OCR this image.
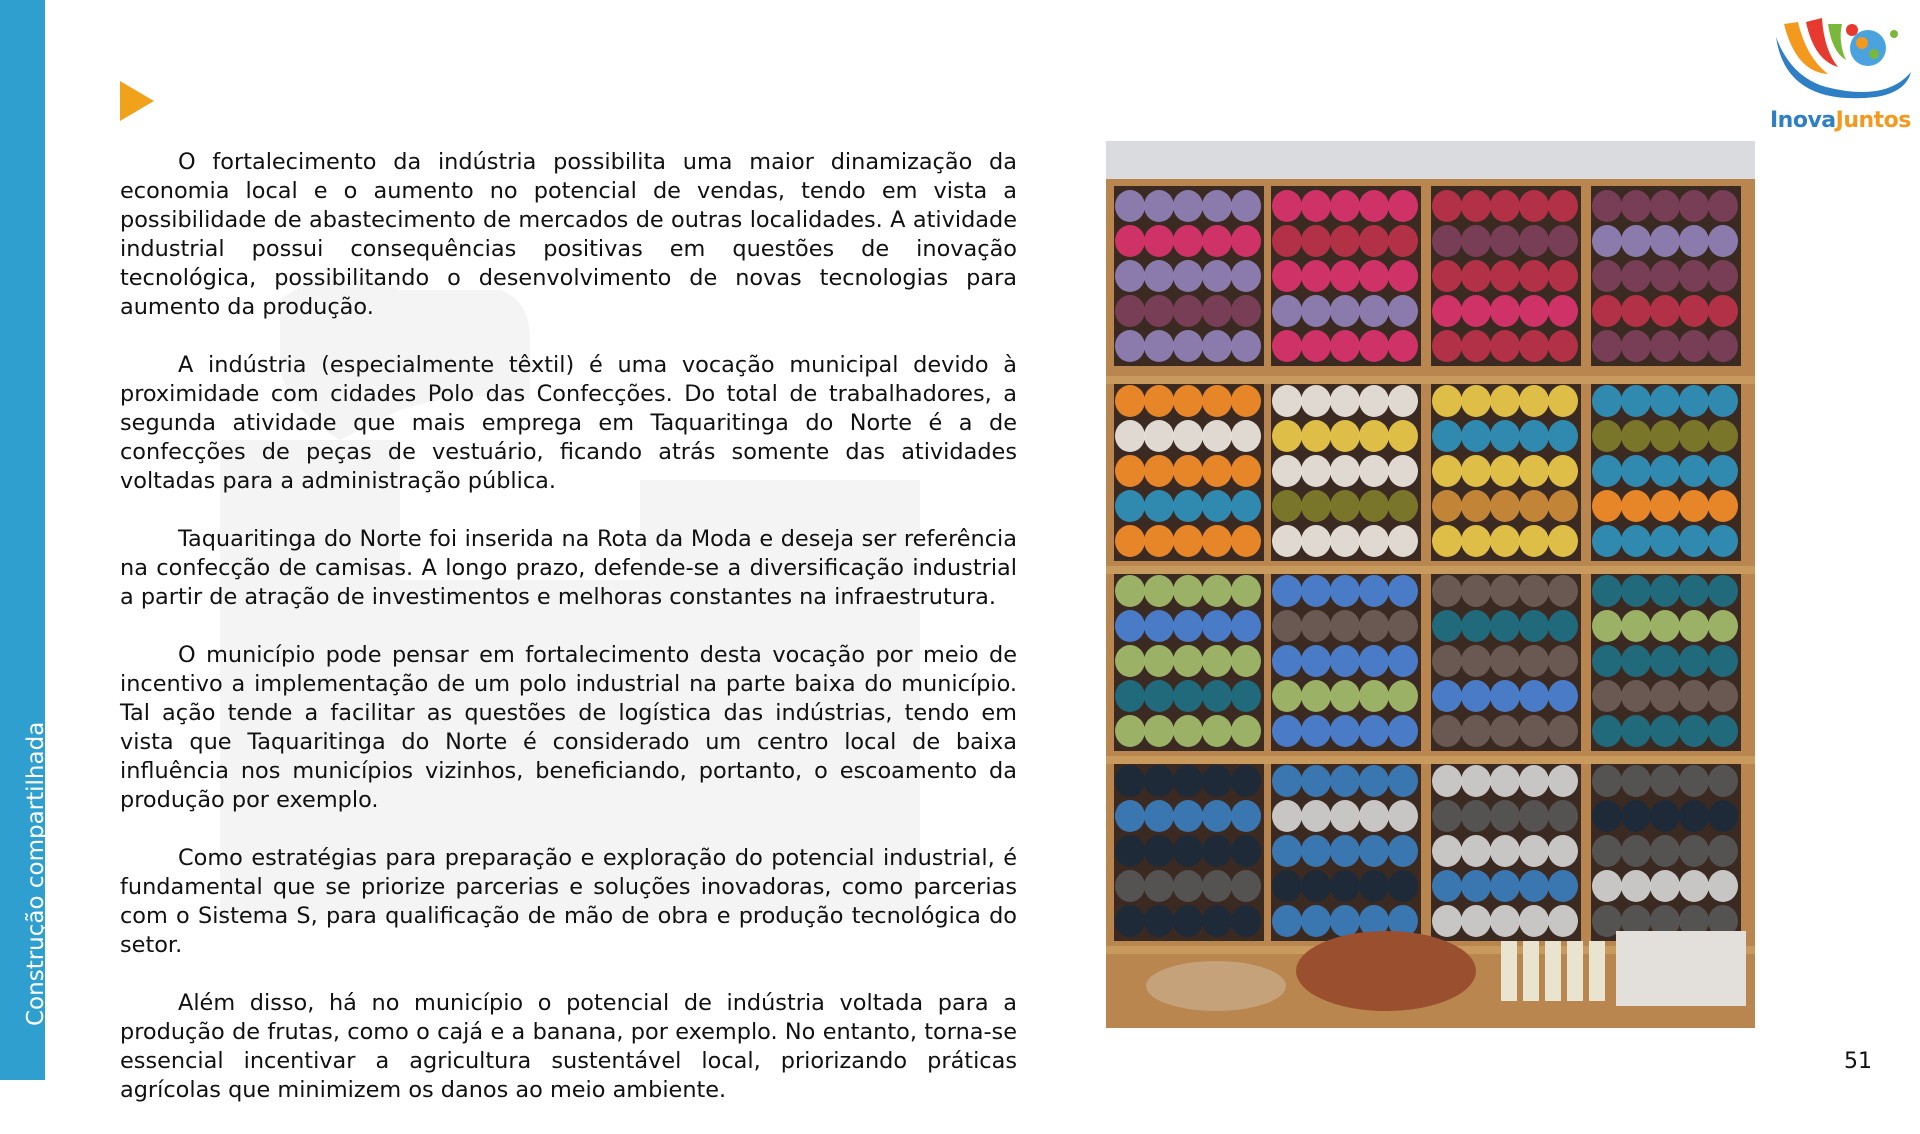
Construção compartilhada

O fortalecimento da indústria possibilita uma maior dinamização da economia local e o aumento no potencial de vendas, tendo em vista a possibilidade de abastecimento de mercados de outras localidades. A atividade industrial possui consequências positivas em questões de inovação tecnológica, possibilitando o desenvolvimento de novas tecnologias para aumento da produção.

A indústria (especialmente têxtil) é uma vocação municipal devido à proximidade com cidades Polo das Confecções. Do total de trabalhadores, a segunda atividade que mais emprega em Taquaritinga do Norte é a de confecções de peças de vestuário, ficando atrás somente das atividades voltadas para a administração pública.

Taquaritinga do Norte foi inserida na Rota da Moda e deseja ser referência na confecção de camisas. A longo prazo, defende-se a diversificação industrial a partir de atração de investimentos e melhoras constantes na infraestrutura.

O município pode pensar em fortalecimento desta vocação por meio de incentivo a implementação de um polo industrial na parte baixa do município. Tal ação tende a facilitar as questões de logística das indústrias, tendo em vista que Taquaritinga do Norte é considerado um centro local de baixa influência nos municípios vizinhos, beneficiando, portanto, o escoamento da produção por exemplo.

Como estratégias para preparação e exploração do potencial industrial, é fundamental que se priorize parcerias e soluções inovadoras, como parcerias com o Sistema S, para qualificação de mão de obra e produção tecnológica do setor.

Além disso, há no município o potencial de indústria voltada para a produção de frutas, como o cajá e a banana, por exemplo. No entanto, torna-se essencial incentivar a agricultura sustentável local, priorizando práticas agrícolas que minimizem os danos ao meio ambiente.

InovaJuntos
51
